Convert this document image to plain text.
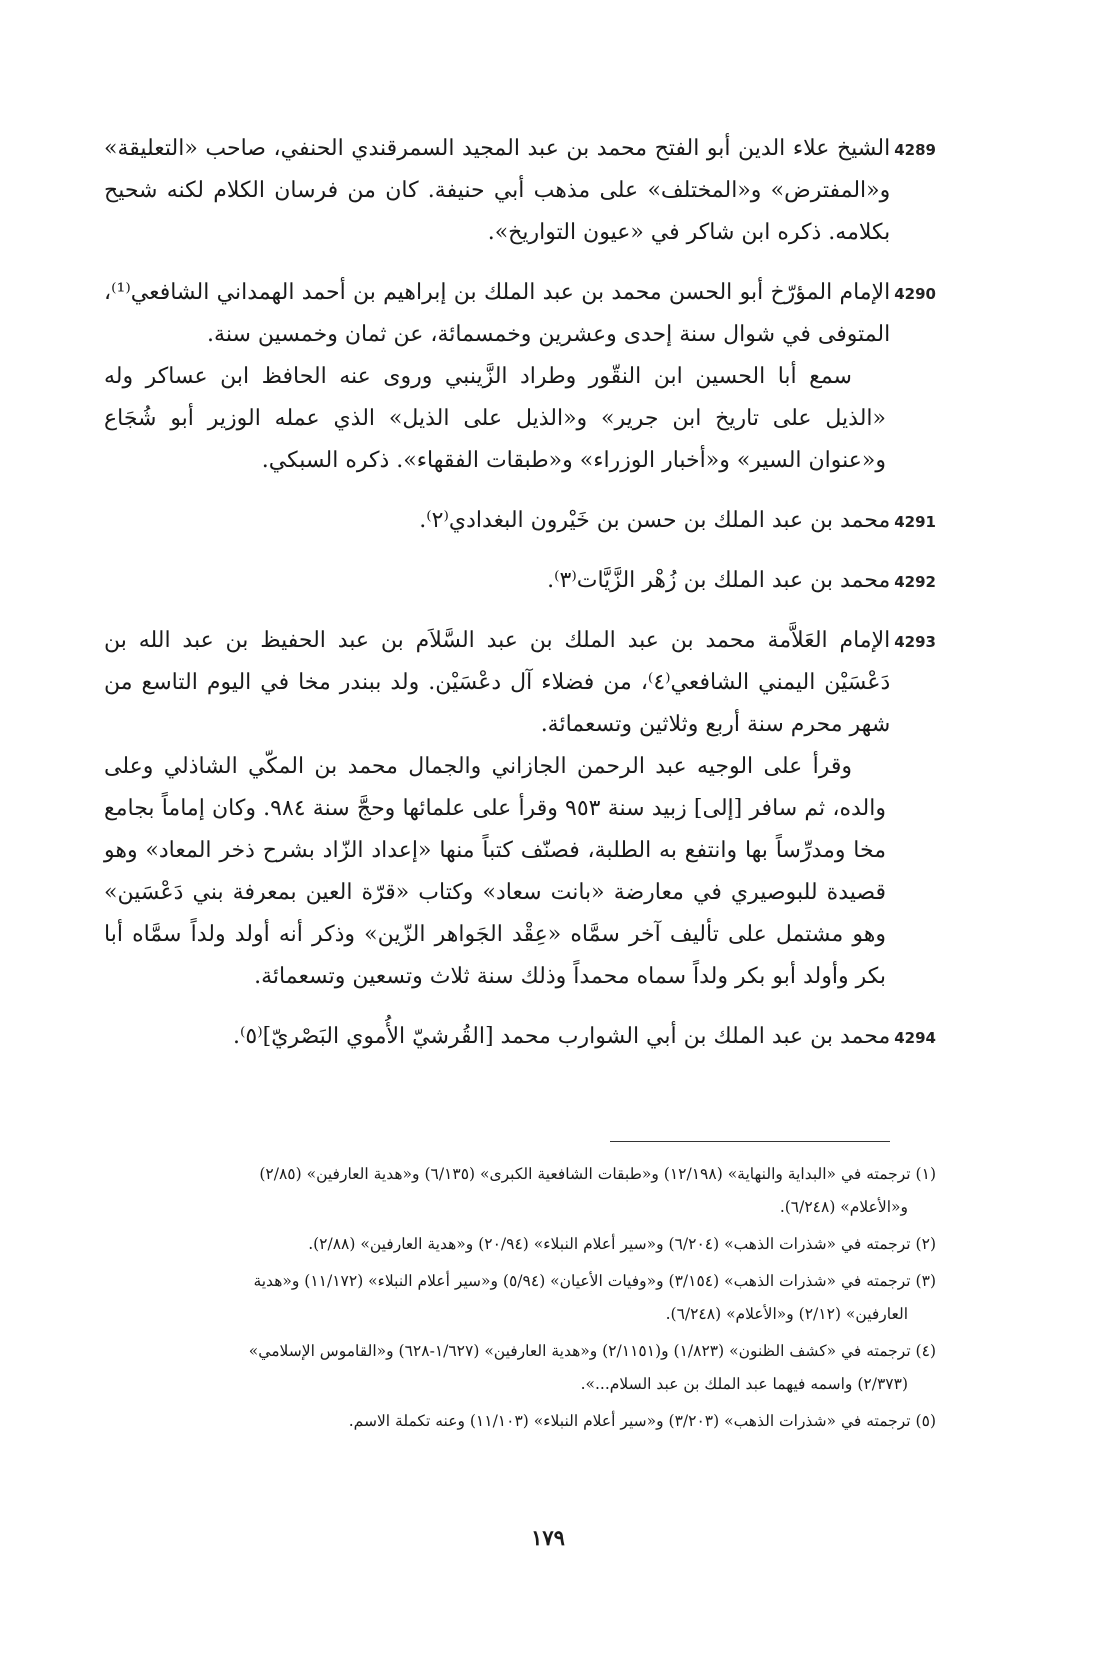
4289

الشيخ علاء الدين أبو الفتح محمد بن عبد المجيد السمرقندي الحنفي، صاحب «التعليقة» و«المفترض» و«المختلف» على مذهب أبي حنيفة. كان من فرسان الكلام لكنه شحيح بكلامه. ذكره ابن شاكر في «عيون التواريخ».

4290

الإمام المؤرّخ أبو الحسن محمد بن عبد الملك بن إبراهيم بن أحمد الهمداني الشافعي⁽¹⁾، المتوفى في شوال سنة إحدى وعشرين وخمسمائة، عن ثمان وخمسين سنة.

سمع أبا الحسين ابن النقّور وطراد الزَّينبي وروى عنه الحافظ ابن عساكر وله «الذيل على تاريخ ابن جرير» و«الذيل على الذيل» الذي عمله الوزير أبو شُجَاع و«عنوان السير» و«أخبار الوزراء» و«طبقات الفقهاء». ذكره السبكي.

4291

محمد بن عبد الملك بن حسن بن خَيْرون البغدادي⁽٢⁾.

4292

محمد بن عبد الملك بن زُهْر الزَّيَّات⁽٣⁾.

4293

الإمام العَلاَّمة محمد بن عبد الملك بن عبد السَّلاَم بن عبد الحفيظ بن عبد الله بن دَعْسَيْن اليمني الشافعي⁽٤⁾، من فضلاء آل دعْسَيْن. ولد ببندر مخا في اليوم التاسع من شهر محرم سنة أربع وثلاثين وتسعمائة.

وقرأ على الوجيه عبد الرحمن الجازاني والجمال محمد بن المكّي الشاذلي وعلى والده، ثم سافر [إلى] زبيد سنة ٩٥٣ وقرأ على علمائها وحجَّ سنة ٩٨٤. وكان إماماً بجامع مخا ومدرِّساً بها وانتفع به الطلبة، فصنّف كتباً منها «إعداد الزّاد بشرح ذخر المعاد» وهو قصيدة للبوصيري في معارضة «بانت سعاد» وكتاب «قرّة العين بمعرفة بني دَعْسَين» وهو مشتمل على تأليف آخر سمَّاه «عِقْد الجَواهر الزّين» وذكر أنه أولد ولداً سمَّاه أبا بكر وأولد أبو بكر ولداً سماه محمداً وذلك سنة ثلاث وتسعين وتسعمائة.

4294

محمد بن عبد الملك بن أبي الشوارب محمد [القُرشيّ الأُموي البَصْريّ]⁽٥⁾.

(١) ترجمته في «البداية والنهاية» (١٢/١٩٨) و«طبقات الشافعية الكبرى» (٦/١٣٥) و«هدية العارفين» (٢/٨٥)
و«الأعلام» (٦/٢٤٨).

(٢) ترجمته في «شذرات الذهب» (٦/٢٠٤) و«سير أعلام النبلاء» (٢٠/٩٤) و«هدية العارفين» (٢/٨٨).

(٣) ترجمته في «شذرات الذهب» (٣/١٥٤) و«وفيات الأعيان» (٥/٩٤) و«سير أعلام النبلاء» (١١/١٧٢) و«هدية
العارفين» (٢/١٢) و«الأعلام» (٦/٢٤٨).

(٤) ترجمته في «كشف الظنون» (١/٨٢٣) و(٢/١١٥١) و«هدية العارفين» (١/٦٢٧-٦٢٨) و«القاموس الإسلامي»
(٢/٣٧٣) واسمه فيهما عبد الملك بن عبد السلام...».

(٥) ترجمته في «شذرات الذهب» (٣/٢٠٣) و«سير أعلام النبلاء» (١١/١٠٣) وعنه تكملة الاسم.

١٧٩
